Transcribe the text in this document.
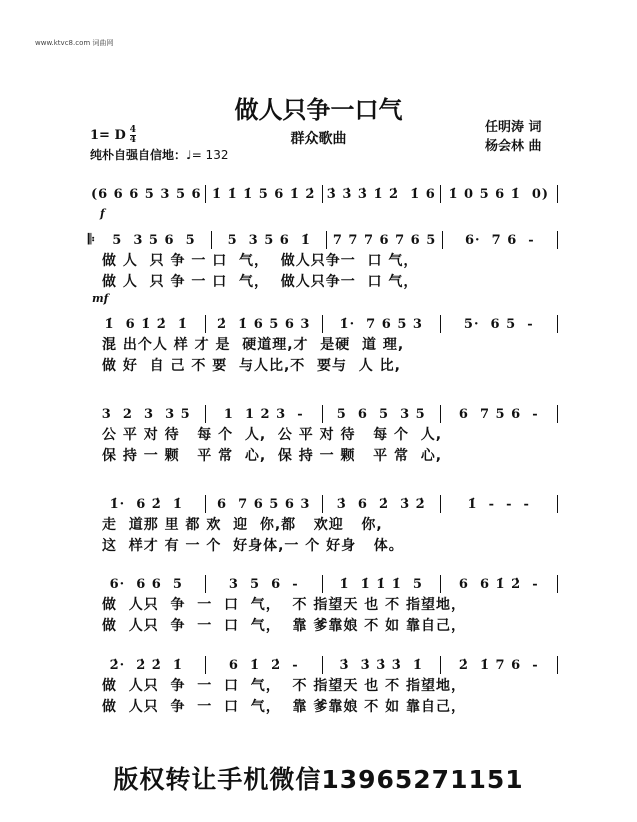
www.ktvc8.com 词曲网
做人只争一口气
群众歌曲
1= D 4
4
纯朴自强自信地：♩= 132
任明涛 词
杨会林 曲
(6 6 6 5 3 5 6 1̇ 1̇ 1̇ 5 6 1̇ 2̇ 3̇ 3̇ 3̇ 1̇ 2̇  1̇ 6 1̇ 0 5 6 1̇  0)
𝄆	5  3 5 6  5	5  3 5 6  1̇	7 7 7 6 7 6 5	6·  7 6  -
做 人  只 争 一 口  气，  做人只争一  口 气，
做 人  只 争 一 口  气，  做人只争一  口 气，
1̇  6 1̇ 2̇  1̇	2̇  1̇ 6 5 6 3	1̇·  7 6 5 3	5·  6 5  -
混 出个人 样 才 是  硬道理,才  是硬  道 理,
做 好  自 己 不 要  与人比,不  要与  人 比,
3  2  3  3 5	1  1 2 3  -	5  6  5  3 5	6  7 5 6  -
公 平 对 待   每 个  人,  公 平 对 待   每 个  人,
保 持 一 颗   平 常  心,  保 持 一 颗   平 常  心,
1̇·  6 2̇  1̇	6  7 6 5 6 3	3̇  6  2̇  3̇ 2̇	1̇  -  -  -
走  道那 里 都 欢  迎  你,都   欢迎   你,
这  样才 有 一 个  好身体,一 个 好身   体。
6·  6 6  5	3  5  6  -	1̇  1̇ 1̇ 1̇  5	6  6 1̇ 2̇  -
做  人只  争  一  口  气，  不 指望天 也 不 指望地，
做  人只  争  一  口  气，  靠 爹靠娘 不 如 靠自己，
2̇·  2̇ 2̇  1̇	6  1̇  2̇  -	3̇  3̇ 3̇ 3̇  1̇	2̇  1̇ 7 6  -
做  人只  争  一  口  气，  不 指望天 也 不 指望地，
做  人只  争  一  口  气，  靠 爹靠娘 不 如 靠自己，
f
mf
版权转让手机微信13965271151
